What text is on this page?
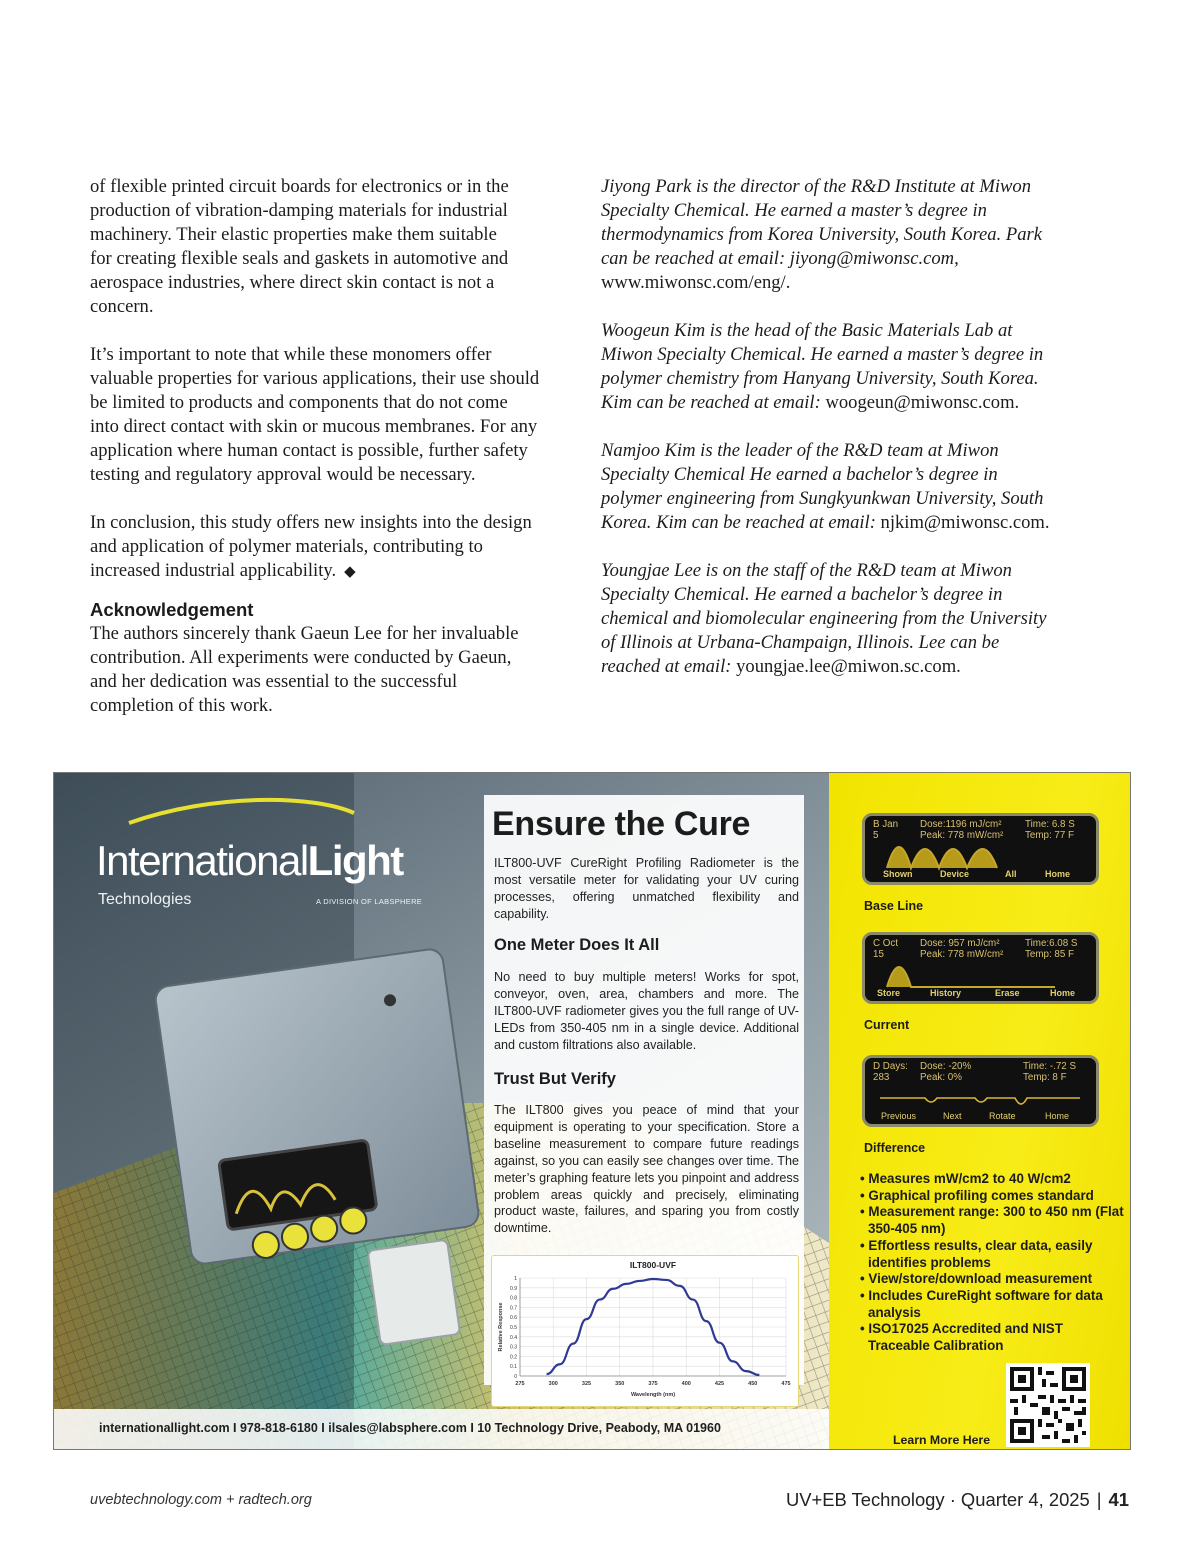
of flexible printed circuit boards for electronics or in the
production of vibration-damping materials for industrial
machinery. Their elastic properties make them suitable
for creating flexible seals and gaskets in automotive and
aerospace industries, where direct skin contact is not a
concern.

It’s important to note that while these monomers offer
valuable properties for various applications, their use should
be limited to products and components that do not come
into direct contact with skin or mucous membranes. For any
application where human contact is possible, further safety
testing and regulatory approval would be necessary.

In conclusion, this study offers new insights into the design
and application of polymer materials, contributing to
increased industrial applicability. ◆

Acknowledgement

The authors sincerely thank Gaeun Lee for her invaluable
contribution. All experiments were conducted by Gaeun,
and her dedication was essential to the successful
completion of this work.

Jiyong Park is the director of the R&D Institute at Miwon
Specialty Chemical. He earned a master’s degree in
thermodynamics from Korea University, South Korea. Park
can be reached at email: jiyong@miwonsc.com,
www.miwonsc.com/eng/.

Woogeun Kim is the head of the Basic Materials Lab at
Miwon Specialty Chemical. He earned a master’s degree in
polymer chemistry from Hanyang University, South Korea.
Kim can be reached at email: woogeun@miwonsc.com.

Namjoo Kim is the leader of the R&D team at Miwon
Specialty Chemical He earned a bachelor’s degree in
polymer engineering from Sungkyunkwan University, South
Korea. Kim can be reached at email: njkim@miwonsc.com.

Youngjae Lee is on the staff of the R&D team at Miwon
Specialty Chemical. He earned a bachelor’s degree in
chemical and biomolecular engineering from the University
of Illinois at Urbana-Champaign, Illinois. Lee can be
reached at email: youngjae.lee@miwon.sc.com.

InternationalLight
Technologies	A DIVISION OF LABSPHERE
Ensure the Cure

ILT800-UVF CureRight Profiling Radiometer is the most versatile meter for validating your UV curing processes, offering unmatched flexibility and capability.

One Meter Does It All

No need to buy multiple meters! Works for spot, conveyor, oven, area, chambers and more. The ILT800-UVF radiometer gives you the full range of UV-LEDs from 350-405 nm in a single device. Additional and custom filtrations also available.

Trust But Verify

The ILT800 gives you peace of mind that your equipment is operating to your specification. Store a baseline measurement to compare future readings against, so you can easily see changes over time. The meter’s graphing feature lets you pinpoint and address problem areas quickly and precisely, eliminating product waste, failures, and sparing you from costly downtime.

ILT800-UVF
0
0.1
0.2
0.3
0.4
0.5
0.6
0.7
0.8
0.9
1
275	300	325	350	375	400	425	450	475
Wavelength (nm)
Relative Response
B Jan
5
Dose:1196 mJ/cm²
Peak: 778 mW/cm²
Time: 6.8 S
Temp: 77 F
Shown	Device	All	Home
Base Line
C Oct
15
Dose: 957 mJ/cm²
Peak: 778 mW/cm²
Time:6.08 S
Temp: 85 F
Store	History	Erase	Home
Current
D Days:
283
Dose: -20%
Peak: 0%
Time: -.72 S
Temp: 8 F
Previous	Next	Rotate	Home
Difference
• Measures mW/cm2 to 40 W/cm2
• Graphical profiling comes standard
• Measurement range: 300 to 450 nm (Flat 350-405 nm)
• Effortless results, clear data, easily identifies problems
• View/store/download measurement
• Includes CureRight software for data analysis
• ISO17025 Accredited and NIST Traceable Calibration
Learn More Here
internationallight.com I 978-818-6180 I ilsales@labsphere.com I 10 Technology Drive, Peabody, MA 01960
uvebtechnology.com + radtech.org	UV+EB Technology · Quarter 4, 2025 | 41
